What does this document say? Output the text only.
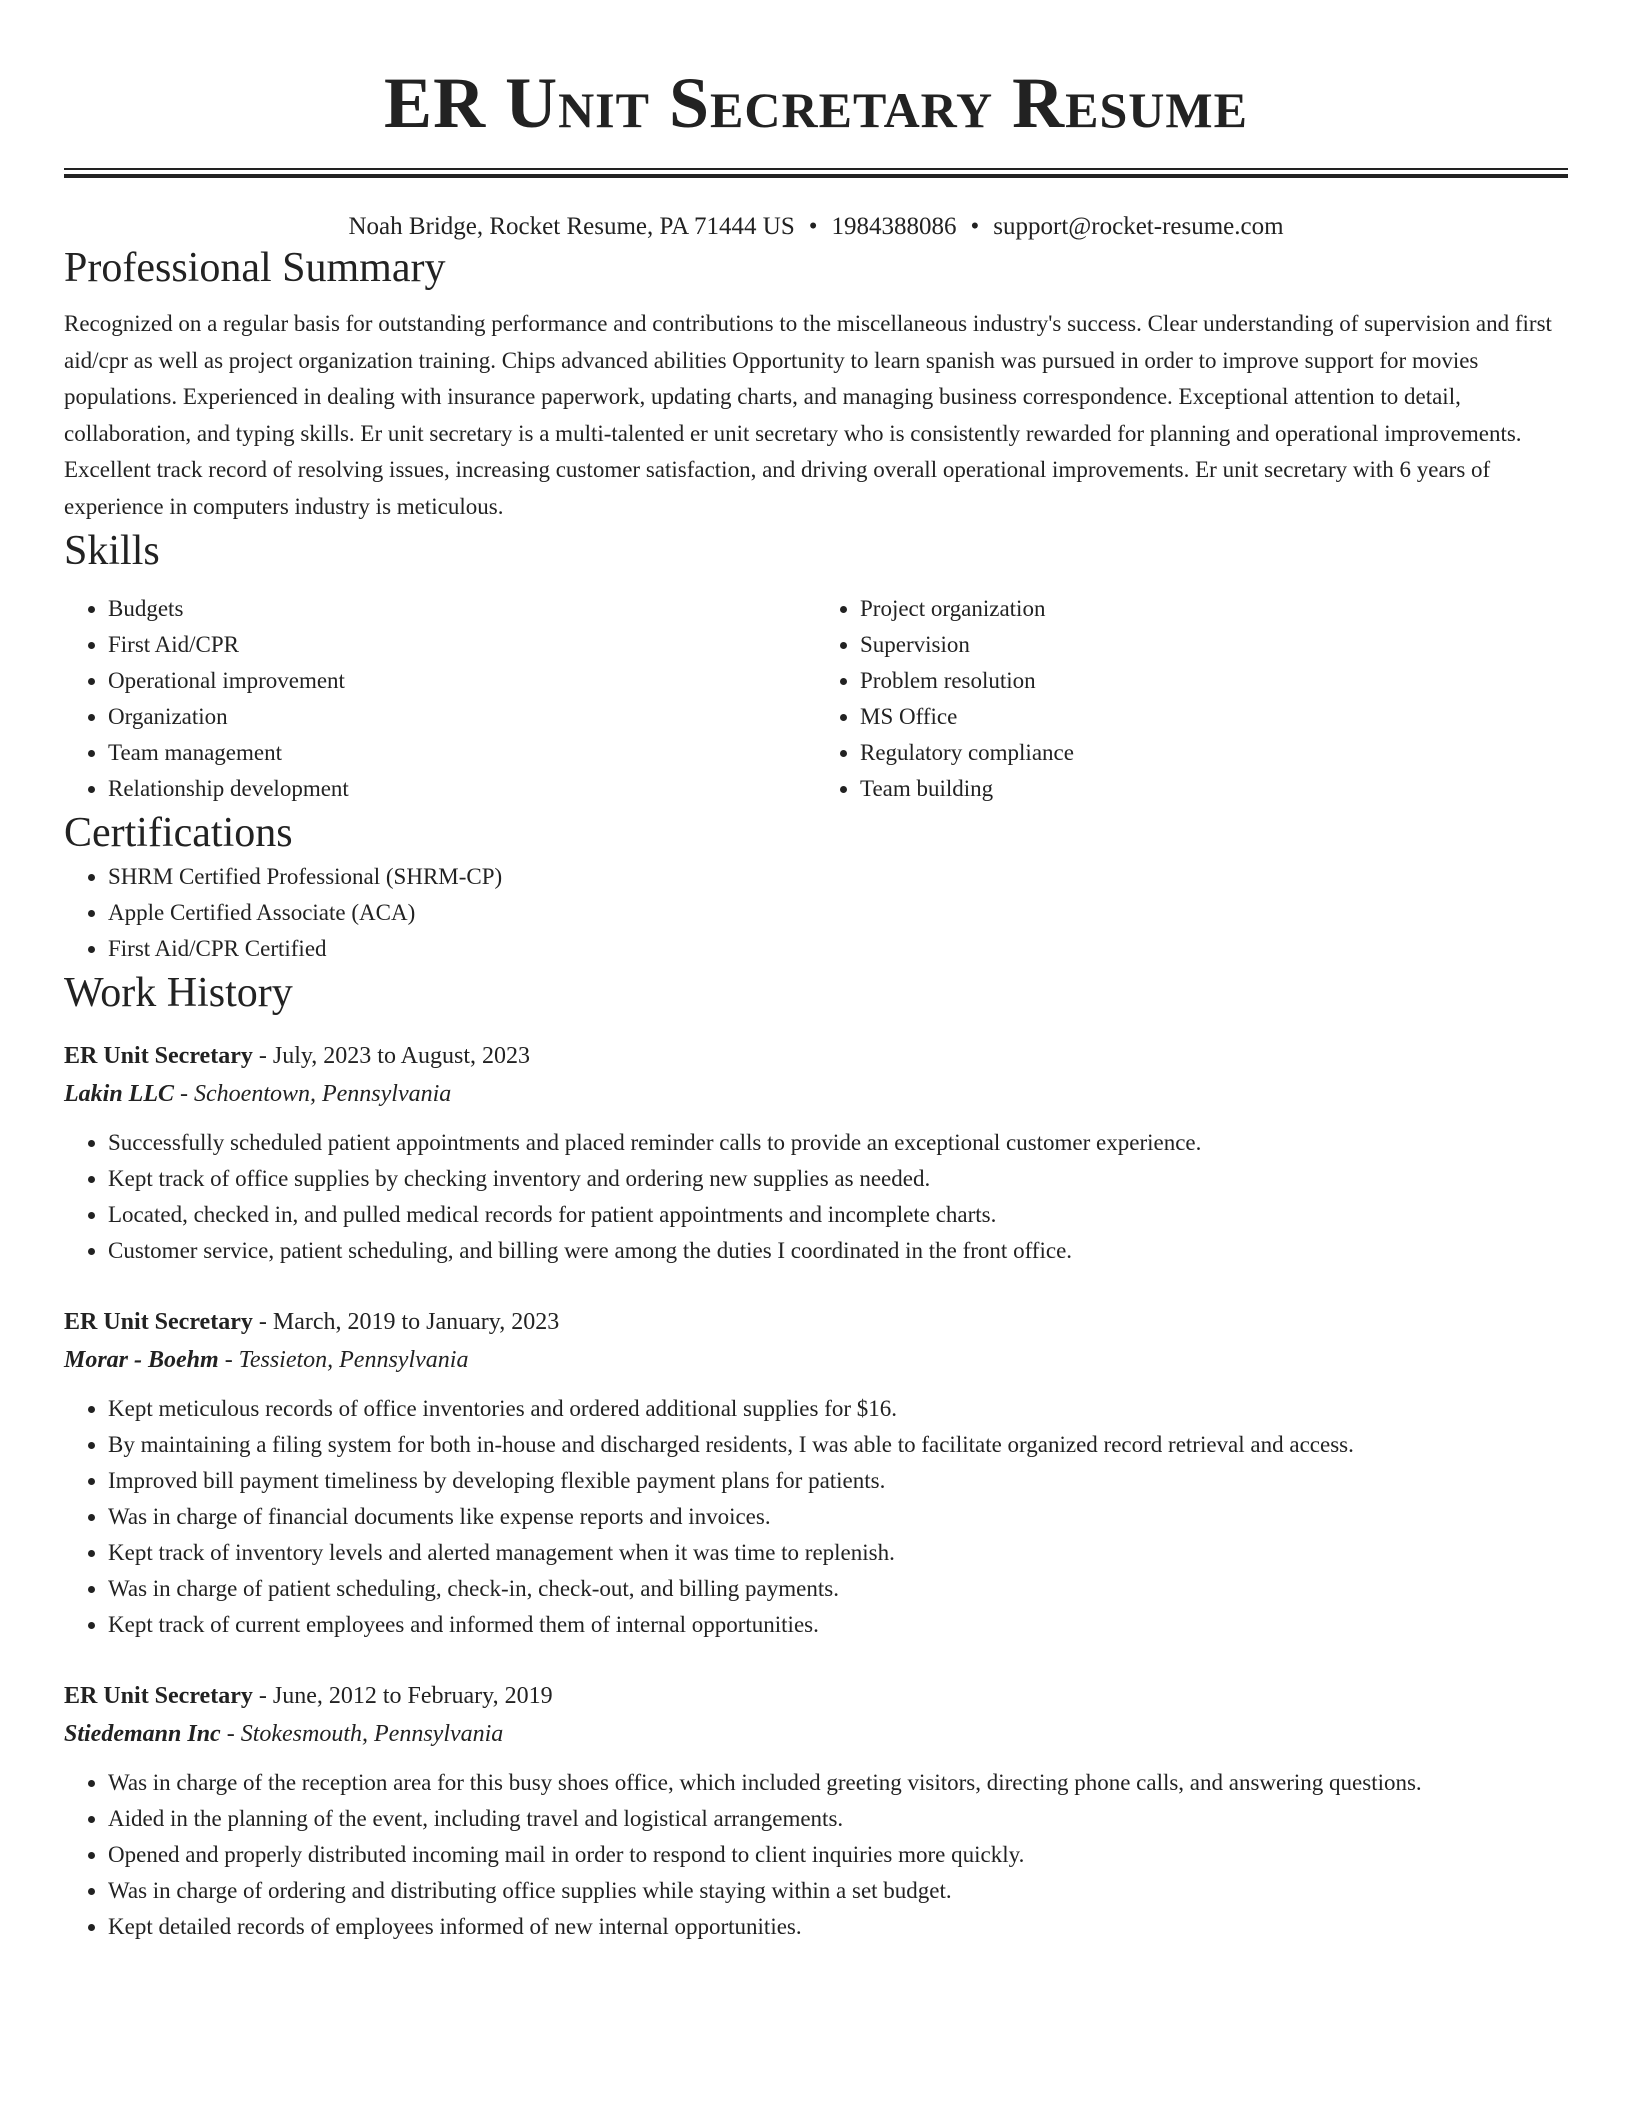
ER Unit Secretary Resume
Noah Bridge, Rocket Resume, PA 71444 US • 1984388086 • support@rocket-resume.com
Professional Summary

Recognized on a regular basis for outstanding performance and contributions to the miscellaneous industry's success. Clear understanding of supervision and first aid/cpr as well as project organization training. Chips advanced abilities Opportunity to learn spanish was pursued in order to improve support for movies populations. Experienced in dealing with insurance paperwork, updating charts, and managing business correspondence. Exceptional attention to detail, collaboration, and typing skills. Er unit secretary is a multi-talented er unit secretary who is consistently rewarded for planning and operational improvements. Excellent track record of resolving issues, increasing customer satisfaction, and driving overall operational improvements. Er unit secretary with 6 years of experience in computers industry is meticulous.

Skills
• Budgets
• First Aid/CPR
• Operational improvement
• Organization
• Team management
• Relationship development
• Project organization
• Supervision
• Problem resolution
• MS Office
• Regulatory compliance
• Team building
Certifications
• SHRM Certified Professional (SHRM-CP)
• Apple Certified Associate (ACA)
• First Aid/CPR Certified
Work History
ER Unit Secretary - July, 2023 to August, 2023
Lakin LLC - Schoentown, Pennsylvania
• Successfully scheduled patient appointments and placed reminder calls to provide an exceptional customer experience.
• Kept track of office supplies by checking inventory and ordering new supplies as needed.
• Located, checked in, and pulled medical records for patient appointments and incomplete charts.
• Customer service, patient scheduling, and billing were among the duties I coordinated in the front office.
ER Unit Secretary - March, 2019 to January, 2023
Morar - Boehm - Tessieton, Pennsylvania
• Kept meticulous records of office inventories and ordered additional supplies for $16.
• By maintaining a filing system for both in-house and discharged residents, I was able to facilitate organized record retrieval and access.
• Improved bill payment timeliness by developing flexible payment plans for patients.
• Was in charge of financial documents like expense reports and invoices.
• Kept track of inventory levels and alerted management when it was time to replenish.
• Was in charge of patient scheduling, check-in, check-out, and billing payments.
• Kept track of current employees and informed them of internal opportunities.
ER Unit Secretary - June, 2012 to February, 2019
Stiedemann Inc - Stokesmouth, Pennsylvania
• Was in charge of the reception area for this busy shoes office, which included greeting visitors, directing phone calls, and answering questions.
• Aided in the planning of the event, including travel and logistical arrangements.
• Opened and properly distributed incoming mail in order to respond to client inquiries more quickly.
• Was in charge of ordering and distributing office supplies while staying within a set budget.
• Kept detailed records of employees informed of new internal opportunities.
